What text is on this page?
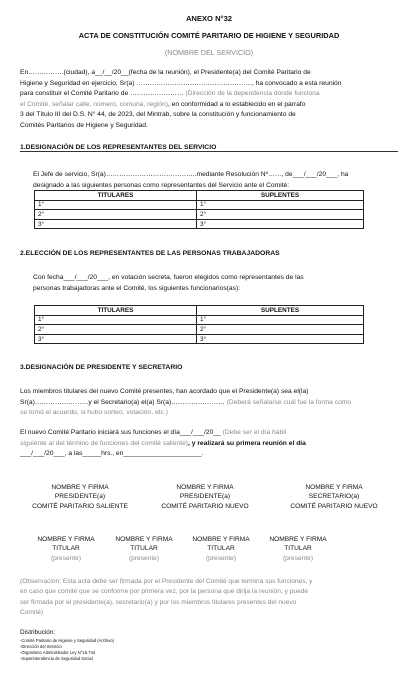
ANEXO N°32
ACTA DE CONSTITUCIÓN COMITÉ PARITARIO DE HIGIENE Y SEGURIDAD
(NOMBRE DEL SERVICIO)
En…………….(ciudad), a__/__/20__(fecha de la reunión), el Presidente(a) del Comité Paritario de
Higiene y Seguridad en ejercicio, Sr(a) ……………………………………………., ha convocado a esta reunión
para constituir el Comité Paritario de …………………… (Dirección de la dependencia donde funciona
el Comité, señalar calle, número, comuna, región), en conformidad a lo establecido en el párrafo
3 del Título III del D.S. N° 44, de 2023, del Mintrab, sobre la constitución y funcionamiento de
Comités Paritarios de Higiene y Seguridad.
1.DESIGNACIÓN DE LOS REPRESENTANTES DEL SERVICIO
El Jefe de servicio, Sr(a)…………………………………..mediante Resolución Nº……, de___/___/20___, ha
designado a las siguientes personas como representantes del Servicio ante el Comité:
TITULARES	SUPLENTES
1°	1°
2°	2°
3°	3°
2.ELECCIÓN DE LOS REPRESENTANTES DE LAS PERSONAS TRABAJADORAS
Con fecha___/___/20___, en votación secreta, fueron elegidos como representantes de las
personas trabajadoras ante el Comité, los siguientes funcionarios(as):
TITULARES	SUPLENTES
1°	1°
2°	2°
3°	3°
3.DESIGNACIÓN DE PRESIDENTE Y SECRETARIO
Los miembros titulares del nuevo Comité presentes, han acordado que el Presidente(a) sea el(la)
Sr(a)……………………y el Secretario(a) el(a) Sr(a)…………………… (Deberá señalarse cuál fue la forma como
se tomó el acuerdo, si hubo sorteo, votación, etc.)
El nuevo Comité Paritario iniciará sus funciones el día___/___/20__ (Debe ser el día hábil
siguiente al del término de funciones del comité saliente), y realizará su primera reunión el día
___/___/20___, a las_____hrs., en_____________________.
NOMBRE Y FIRMA
PRESIDENTE(a)
COMITÉ PARITARIO SALIENTE
NOMBRE Y FIRMA
PRESIDENTE(a)
COMITÉ PARITARIO NUEVO
NOMBRE Y FIRMA
SECRETARIO(a)
COMITÉ PARITARIO NUEVO
NOMBRE Y FIRMA
TITULAR
(presente)
NOMBRE Y FIRMA
TITULAR
(presente)
NOMBRE Y FIRMA
TITULAR
(presente)
NOMBRE Y FIRMA
TITULAR
(presente)
(Observación: Esta acta debe ser firmada por el Presidente del Comité que termina sus funciones, y
en caso que comité que se conforme por primera vez, por la persona que dirija la reunión, y puede
ser firmada por el presidente(a), secretario(a) y por los miembros titulares presentes del nuevo
Comité)
Distribución:
-Comité Paritario de Higiene y Seguridad (Archivo)
-Dirección del Servicio
-Organismo Administrador Ley N°16.744
-Superintendencia de Seguridad Social
